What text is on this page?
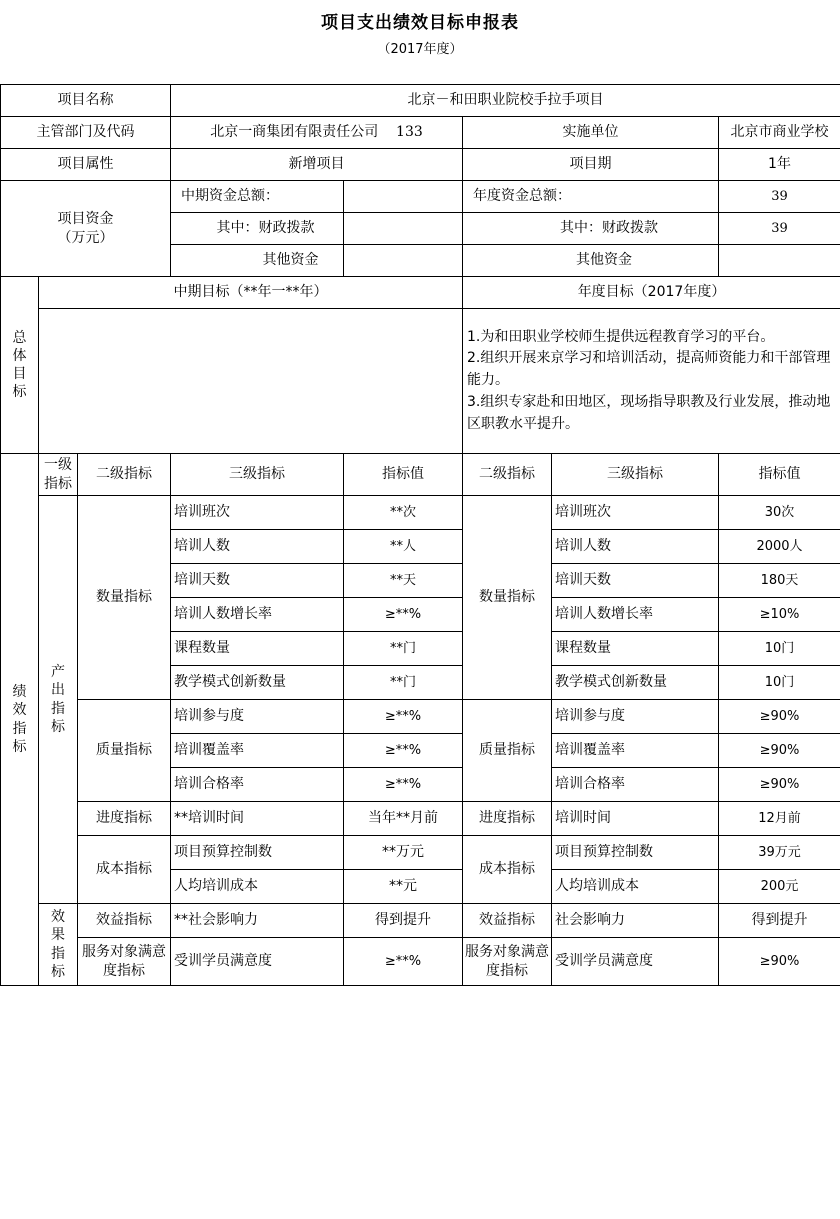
项目支出绩效目标申报表
（2017年度）
项目名称			北京－和田职业院校手拉手项目				
主管部门及代码			北京一商集团有限责任公司 133		实施单位		北京市商业学校
项目属性			新增项目		项目期		1年

项目资金
（万元）			中期资金总额：		年度资金总额：		39
			其中：财政拨款		其中：财政拨款		39
			其他资金		其他资金		
总体目标	中期目标（**年一**年）				年度目标（2017年度）		

					1.为和田职业学校师生提供远程教育学习的平台。
2.组织开展来京学习和培训活动，提高师资能力和干部管理能力。
3.组织专家赴和田地区，现场指导职教及行业发展，推动地区职教水平提升。		

绩效指标	一级指标	二级指标	三级指标	指标值	二级指标	三级指标	指标值
	产出指标	数量指标	培训班次	**次	数量指标	培训班次	30次
			培训人数	**人		培训人数	2000人
			培训天数	**天		培训天数	180天
			培训人数增长率	≥**%		培训人数增长率	≥10%
			课程数量	**门		课程数量	10门
			教学模式创新数量	**门		教学模式创新数量	10门
		质量指标	培训参与度	≥**%	质量指标	培训参与度	≥90%
			培训覆盖率	≥**%		培训覆盖率	≥90%
			培训合格率	≥**%		培训合格率	≥90%
		进度指标	**培训时间	当年**月前	进度指标	培训时间	12月前
		成本指标	项目预算控制数	**万元	成本指标	项目预算控制数	39万元
			人均培训成本	**元		人均培训成本	200元
	效果指标	效益指标	**社会影响力	得到提升	效益指标	社会影响力	得到提升
		服务对象满意度指标	受训学员满意度	≥**%	服务对象满意度指标	受训学员满意度	≥90%
